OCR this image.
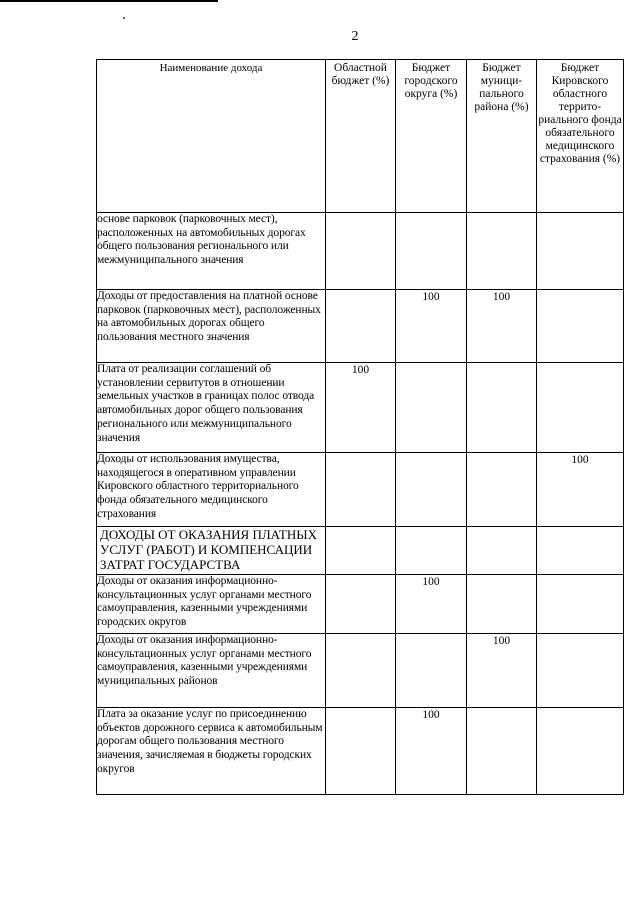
2
Наименование дохода	Областной бюджет (%)	Бюджет городского округа (%)	Бюджет муници-пального района (%)	Бюджет Кировского областного террито-риального фонда обязательного медицинского страхования (%)
основе парковок (парковочных мест), расположенных на автомобильных дорогах общего пользования регионального или межмуниципального значения				
Доходы от предоставления на платной основе парковок (парковочных мест), расположенных на автомобильных дорогах общего пользования местного значения		100	100	
Плата от реализации соглашений об установлении сервитутов в отношении земельных участков в границах полос отвода автомобильных дорог общего пользования регионального или межмуниципального значения	100			
Доходы от использования имущества, находящегося в оперативном управлении Кировского областного территориального фонда обязательного медицинского страхования				100
ДОХОДЫ ОТ ОКАЗАНИЯ ПЛАТНЫХ УСЛУГ (РАБОТ) И КОМПЕНСАЦИИ ЗАТРАТ ГОСУДАРСТВА				
Доходы от оказания информационно-консультационных услуг органами местного самоуправления, казенными учреждениями городских округов		100		
Доходы от оказания информационно-консультационных услуг органами местного самоуправления, казенными учреждениями муниципальных районов			100	
Плата за оказание услуг по присоединению объектов дорожного сервиса к автомобильным дорогам общего пользования местного значения, зачисляемая в бюджеты городских округов		100		
